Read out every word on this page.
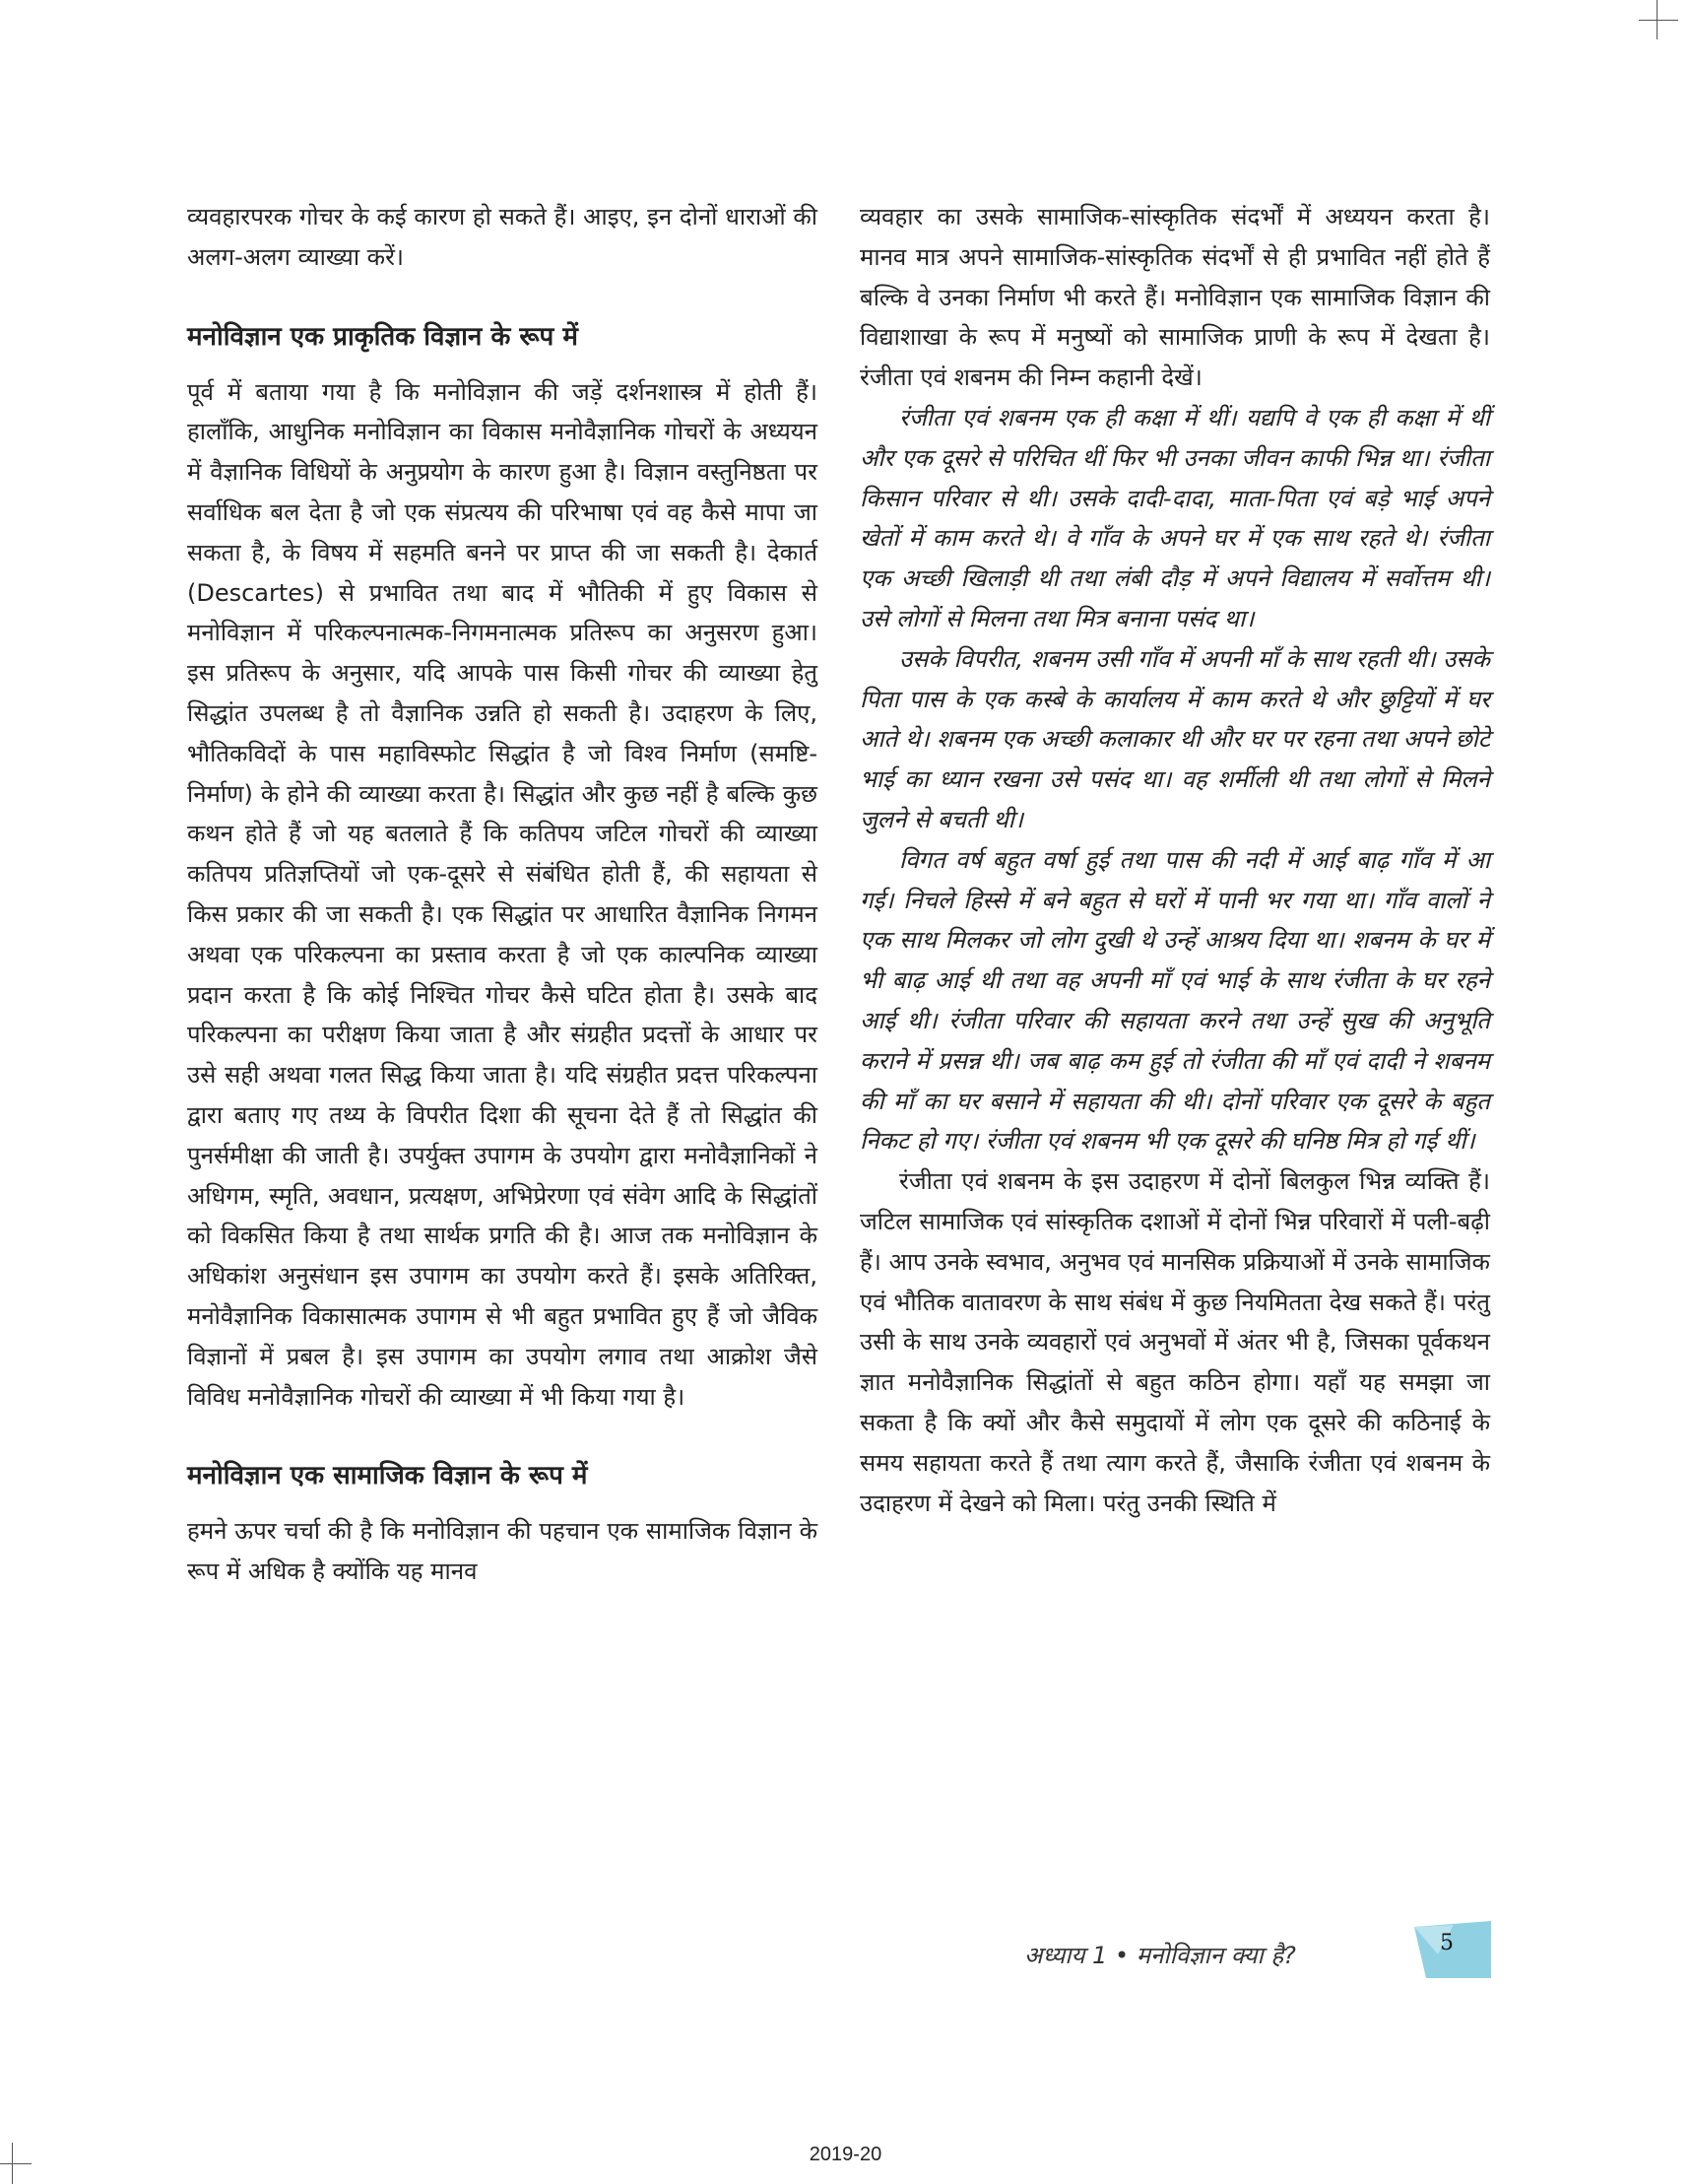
व्यवहारपरक गोचर के कई कारण हो सकते हैं। आइए, इन दोनों धाराओं की अलग-अलग व्याख्या करें।

मनोविज्ञान एक प्राकृतिक विज्ञान के रूप में

पूर्व में बताया गया है कि मनोविज्ञान की जड़ें दर्शनशास्त्र में होती हैं। हालाँकि, आधुनिक मनोविज्ञान का विकास मनोवैज्ञानिक गोचरों के अध्ययन में वैज्ञानिक विधियों के अनुप्रयोग के कारण हुआ है। विज्ञान वस्तुनिष्ठता पर सर्वाधिक बल देता है जो एक संप्रत्यय की परिभाषा एवं वह कैसे मापा जा सकता है, के विषय में सहमति बनने पर प्राप्त की जा सकती है। देकार्त (Descartes) से प्रभावित तथा बाद में भौतिकी में हुए विकास से मनोविज्ञान में परिकल्पनात्मक-निगमनात्मक प्रतिरूप का अनुसरण हुआ। इस प्रतिरूप के अनुसार, यदि आपके पास किसी गोचर की व्याख्या हेतु सिद्धांत उपलब्ध है तो वैज्ञानिक उन्नति हो सकती है। उदाहरण के लिए, भौतिकविदों के पास महाविस्फोट सिद्धांत है जो विश्व निर्माण (समष्टि-निर्माण) के होने की व्याख्या करता है। सिद्धांत और कुछ नहीं है बल्कि कुछ कथन होते हैं जो यह बतलाते हैं कि कतिपय जटिल गोचरों की व्याख्या कतिपय प्रतिज्ञप्तियों जो एक-दूसरे से संबंधित होती हैं, की सहायता से किस प्रकार की जा सकती है। एक सिद्धांत पर आधारित वैज्ञानिक निगमन अथवा एक परिकल्पना का प्रस्ताव करता है जो एक काल्पनिक व्याख्या प्रदान करता है कि कोई निश्चित गोचर कैसे घटित होता है। उसके बाद परिकल्पना का परीक्षण किया जाता है और संग्रहीत प्रदत्तों के आधार पर उसे सही अथवा गलत सिद्ध किया जाता है। यदि संग्रहीत प्रदत्त परिकल्पना द्वारा बताए गए तथ्य के विपरीत दिशा की सूचना देते हैं तो सिद्धांत की पुनर्समीक्षा की जाती है। उपर्युक्त उपागम के उपयोग द्वारा मनोवैज्ञानिकों ने अधिगम, स्मृति, अवधान, प्रत्यक्षण, अभिप्रेरणा एवं संवेग आदि के सिद्धांतों को विकसित किया है तथा सार्थक प्रगति की है। आज तक मनोविज्ञान के अधिकांश अनुसंधान इस उपागम का उपयोग करते हैं। इसके अतिरिक्त, मनोवैज्ञानिक विकासात्मक उपागम से भी बहुत प्रभावित हुए हैं जो जैविक विज्ञानों में प्रबल है। इस उपागम का उपयोग लगाव तथा आक्रोश जैसे विविध मनोवैज्ञानिक गोचरों की व्याख्या में भी किया गया है।

मनोविज्ञान एक सामाजिक विज्ञान के रूप में

हमने ऊपर चर्चा की है कि मनोविज्ञान की पहचान एक सामाजिक विज्ञान के रूप में अधिक है क्योंकि यह मानव

व्यवहार का उसके सामाजिक-सांस्कृतिक संदर्भों में अध्ययन करता है। मानव मात्र अपने सामाजिक-सांस्कृतिक संदर्भों से ही प्रभावित नहीं होते हैं बल्कि वे उनका निर्माण भी करते हैं। मनोविज्ञान एक सामाजिक विज्ञान की विद्याशाखा के रूप में मनुष्यों को सामाजिक प्राणी के रूप में देखता है। रंजीता एवं शबनम की निम्न कहानी देखें।

रंजीता एवं शबनम एक ही कक्षा में थीं। यद्यपि वे एक ही कक्षा में थीं और एक दूसरे से परिचित थीं फिर भी उनका जीवन काफी भिन्न था। रंजीता किसान परिवार से थी। उसके दादी-दादा, माता-पिता एवं बड़े भाई अपने खेतों में काम करते थे। वे गाँव के अपने घर में एक साथ रहते थे। रंजीता एक अच्छी खिलाड़ी थी तथा लंबी दौड़ में अपने विद्यालय में सर्वोत्तम थी। उसे लोगों से मिलना तथा मित्र बनाना पसंद था।

उसके विपरीत, शबनम उसी गाँव में अपनी माँ के साथ रहती थी। उसके पिता पास के एक कस्बे के कार्यालय में काम करते थे और छुट्टियों में घर आते थे। शबनम एक अच्छी कलाकार थी और घर पर रहना तथा अपने छोटे भाई का ध्यान रखना उसे पसंद था। वह शर्मीली थी तथा लोगों से मिलने जुलने से बचती थी।

विगत वर्ष बहुत वर्षा हुई तथा पास की नदी में आई बाढ़ गाँव में आ गई। निचले हिस्से में बने बहुत से घरों में पानी भर गया था। गाँव वालों ने एक साथ मिलकर जो लोग दुखी थे उन्हें आश्रय दिया था। शबनम के घर में भी बाढ़ आई थी तथा वह अपनी माँ एवं भाई के साथ रंजीता के घर रहने आई थी। रंजीता परिवार की सहायता करने तथा उन्हें सुख की अनुभूति कराने में प्रसन्न थी। जब बाढ़ कम हुई तो रंजीता की माँ एवं दादी ने शबनम की माँ का घर बसाने में सहायता की थी। दोनों परिवार एक दूसरे के बहुत निकट हो गए। रंजीता एवं शबनम भी एक दूसरे की घनिष्ठ मित्र हो गई थीं।

रंजीता एवं शबनम के इस उदाहरण में दोनों बिलकुल भिन्न व्यक्ति हैं। जटिल सामाजिक एवं सांस्कृतिक दशाओं में दोनों भिन्न परिवारों में पली-बढ़ी हैं। आप उनके स्वभाव, अनुभव एवं मानसिक प्रक्रियाओं में उनके सामाजिक एवं भौतिक वातावरण के साथ संबंध में कुछ नियमितता देख सकते हैं। परंतु उसी के साथ उनके व्यवहारों एवं अनुभवों में अंतर भी है, जिसका पूर्वकथन ज्ञात मनोवैज्ञानिक सिद्धांतों से बहुत कठिन होगा। यहाँ यह समझा जा सकता है कि क्यों और कैसे समुदायों में लोग एक दूसरे की कठिनाई के समय सहायता करते हैं तथा त्याग करते हैं, जैसाकि रंजीता एवं शबनम के उदाहरण में देखने को मिला। परंतु उनकी स्थिति में

अध्याय 1 • मनोविज्ञान क्या है?	5
2019-20
